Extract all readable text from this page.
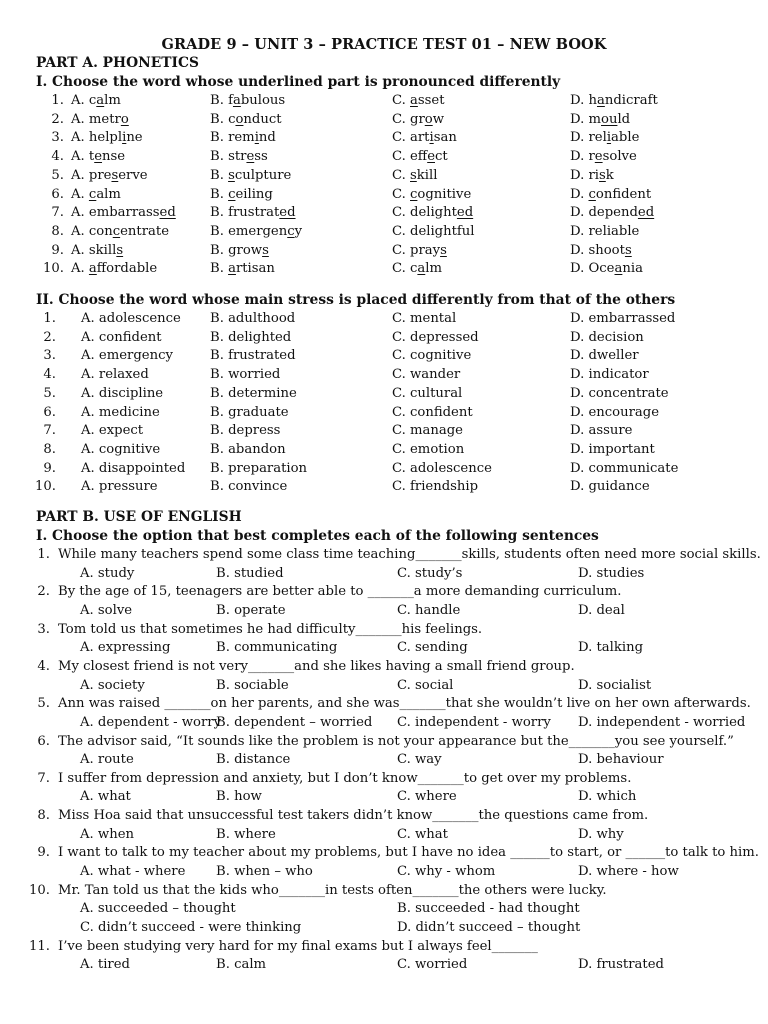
GRADE 9 – UNIT 3 – PRACTICE TEST 01 – NEW BOOK
PART A. PHONETICS
I. Choose the word whose underlined part is pronounced differently
1. A. calm	B. fabulous	C. asset	D. handicraft
2. A. metro	B. conduct	C. grow	D. mould
3. A. helpline	B. remind	C. artisan	D. reliable
4. A. tense	B. stress	C. effect	D. resolve
5. A. preserve	B. sculpture	C. skill	D. risk
6. A. calm	B. ceiling	C. cognitive	D. confident
7. A. embarrassed	B. frustrated	C. delighted	D. depended
8. A. concentrate	B. emergency	C. delightful	D. reliable
9. A. skills	B. grows	C. prays	D. shoots
10. A. affordable	B. artisan	C. calm	D. Oceania
II. Choose the word whose main stress is placed differently from that of the others
1. A. adolescence B. adulthood	C. mental	D. embarrassed
2. A. confident	B. delighted	C. depressed	D. decision
3. A. emergency	B. frustrated	C. cognitive	D. dweller
4. A. relaxed	B. worried	C. wander	D. indicator
5. A. discipline	B. determine	C. cultural	D. concentrate
6. A. medicine	B. graduate	C. confident	D. encourage
7. A. expect	B. depress	C. manage	D. assure
8. A. cognitive	B. abandon	C. emotion	D. important
9. A. disappointed B. preparation	C. adolescence	D. communicate
10. A. pressure	B. convince	C. friendship	D. guidance
PART B. USE OF ENGLISH
I. Choose the option that best completes each of the following sentences
1. While many teachers spend some class time teaching_______skills, students often need more social skills.
A. study	B. studied	C. study’s	D. studies
2. By the age of 15, teenagers are better able to _______a more demanding curriculum.
A. solve	B. operate	C. handle	D. deal
3. Tom told us that sometimes he had difficulty_______his feelings.
A. expressing	B. communicating	C. sending	D. talking
4. My closest friend is not very_______and she likes having a small friend group.
A. society	B. sociable	C. social	D. socialist
5. Ann was raised _______on her parents, and she was_______that she wouldn’t live on her own afterwards.
A. dependent - worry
B. dependent – worried C. independent - worry D. independent - worried
6. The advisor said, “It sounds like the problem is not your appearance but the_______you see yourself.”
A. route	B. distance	C. way	D. behaviour
7. I suffer from depression and anxiety, but I don’t know_______to get over my problems.
A. what	B. how	C. where	D. which
8. Miss Hoa said that unsuccessful test takers didn’t know_______the questions came from.
A. when	B. where	C. what	D. why
9. I want to talk to my teacher about my problems, but I have no idea ______to start, or ______to talk to him.
A. what - where B. when – who	C. why - whom	D. where - how
10. Mr. Tan told us that the kids who_______in tests often_______the others were lucky.
A. succeeded – thought	B. succeeded - had thought
C. didn’t succeed - were thinking	D. didn’t succeed – thought
11. I’ve been studying very hard for my final exams but I always feel_______
A. tired	B. calm	C. worried	D. frustrated
